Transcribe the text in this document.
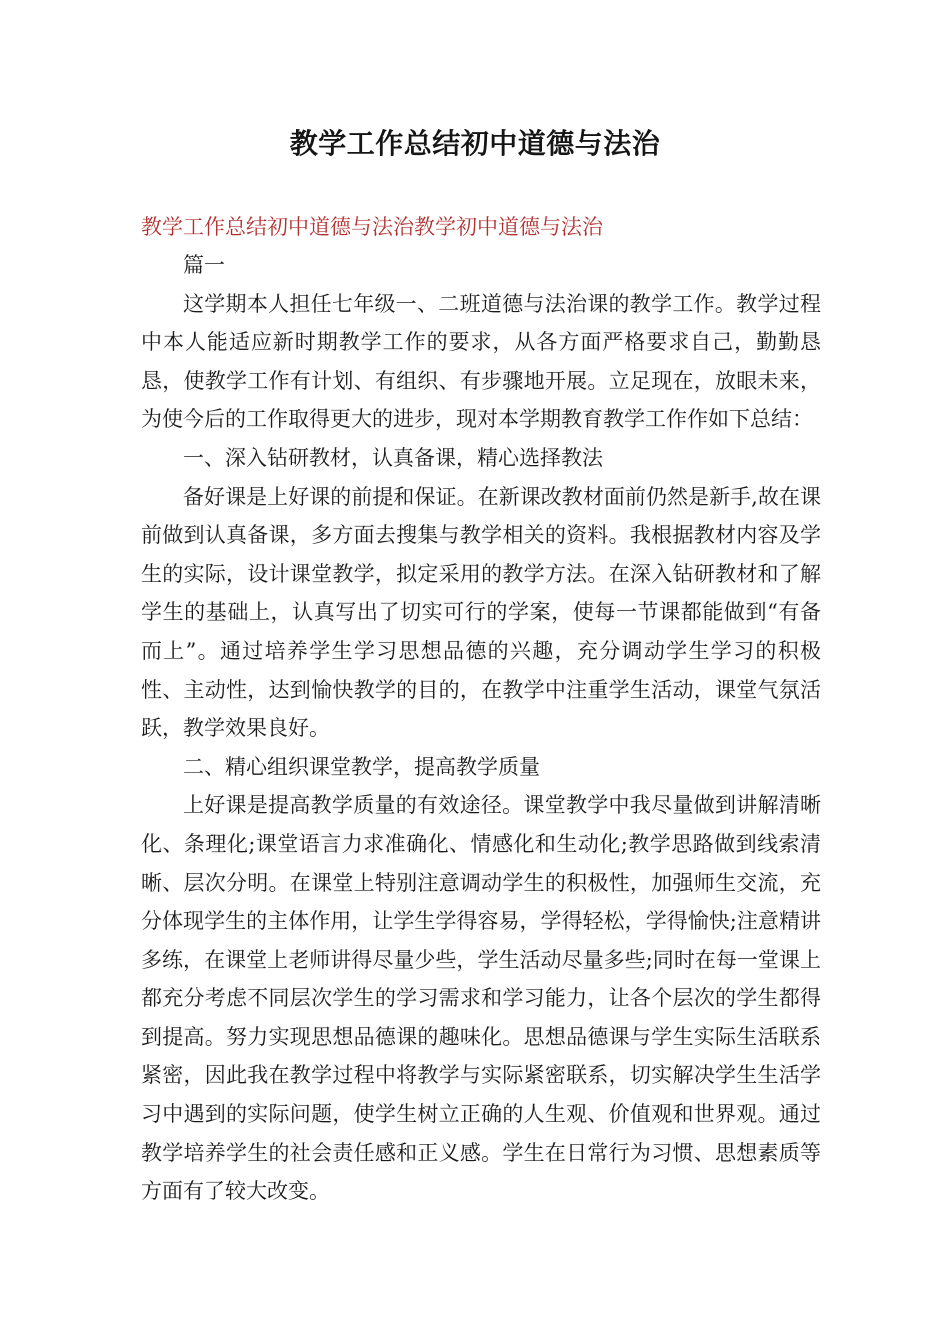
教学工作总结初中道德与法治
教学工作总结初中道德与法治教学初中道德与法治

篇一

这学期本人担任七年级一、二班道德与法治课的教学工作。教学过程中本人能适应新时期教学工作的要求，从各方面严格要求自己，勤勤恳恳，使教学工作有计划、有组织、有步骤地开展。立足现在，放眼未来，为使今后的工作取得更大的进步，现对本学期教育教学工作作如下总结：

一、深入钻研教材，认真备课，精心选择教法

备好课是上好课的前提和保证。在新课改教材面前仍然是新手,故在课前做到认真备课，多方面去搜集与教学相关的资料。我根据教材内容及学生的实际，设计课堂教学，拟定采用的教学方法。在深入钻研教材和了解学生的基础上，认真写出了切实可行的学案，使每一节课都能做到“有备而上”。通过培养学生学习思想品德的兴趣，充分调动学生学习的积极性、主动性，达到愉快教学的目的，在教学中注重学生活动，课堂气氛活跃，教学效果良好。

二、精心组织课堂教学，提高教学质量

上好课是提高教学质量的有效途径。课堂教学中我尽量做到讲解清晰化、条理化;课堂语言力求准确化、情感化和生动化;教学思路做到线索清晰、层次分明。在课堂上特别注意调动学生的积极性，加强师生交流，充分体现学生的主体作用，让学生学得容易，学得轻松，学得愉快;注意精讲多练，在课堂上老师讲得尽量少些，学生活动尽量多些;同时在每一堂课上都充分考虑不同层次学生的学习需求和学习能力，让各个层次的学生都得到提高。努力实现思想品德课的趣味化。思想品德课与学生实际生活联系紧密，因此我在教学过程中将教学与实际紧密联系，切实解决学生生活学习中遇到的实际问题，使学生树立正确的人生观、价值观和世界观。通过教学培养学生的社会责任感和正义感。学生在日常行为习惯、思想素质等方面有了较大改变。
